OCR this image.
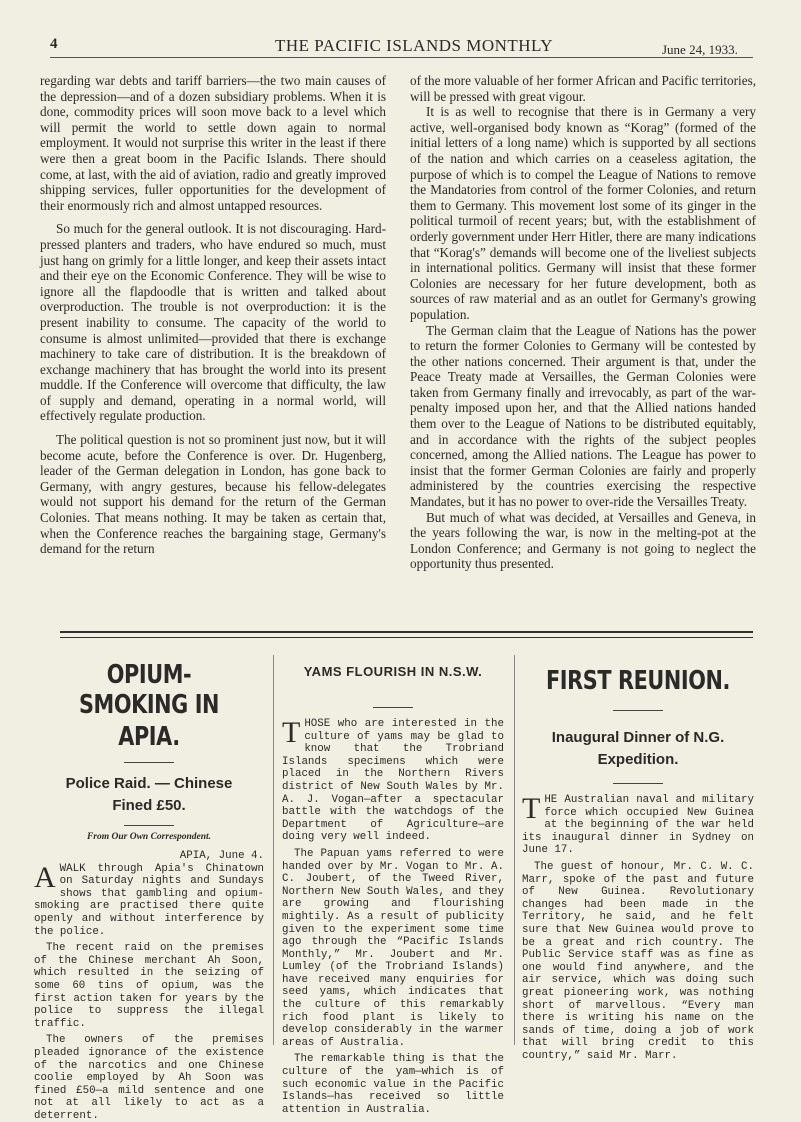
4	THE PACIFIC ISLANDS MONTHLY	June 24, 1933.

regarding war debts and tariff barriers—the two main causes of the depression—and of a dozen subsidiary problems. When it is done, commodity prices will soon move back to a level which will permit the world to settle down again to normal employment. It would not surprise this writer in the least if there were then a great boom in the Pacific Islands. There should come, at last, with the aid of aviation, radio and greatly improved shipping services, fuller opportunities for the development of their enormously rich and almost untapped resources.

So much for the general outlook. It is not discouraging. Hard-pressed planters and traders, who have endured so much, must just hang on grimly for a little longer, and keep their assets intact and their eye on the Economic Conference. They will be wise to ignore all the flapdoodle that is written and talked about overproduction. The trouble is not overproduction: it is the present inability to consume. The capacity of the world to consume is almost unlimited—provided that there is exchange machinery to take care of distribution. It is the breakdown of exchange machinery that has brought the world into its present muddle. If the Conference will overcome that difficulty, the law of supply and demand, operating in a normal world, will effectively regulate production.

The political question is not so prominent just now, but it will become acute, before the Conference is over. Dr. Hugenberg, leader of the German delegation in London, has gone back to Germany, with angry gestures, because his fellow-delegates would not support his demand for the return of the German Colonies. That means nothing. It may be taken as certain that, when the Conference reaches the bargaining stage, Germany's demand for the return

of the more valuable of her former African and Pacific territories, will be pressed with great vigour.

It is as well to recognise that there is in Germany a very active, well-organised body known as “Korag” (formed of the initial letters of a long name) which is supported by all sections of the nation and which carries on a ceaseless agitation, the purpose of which is to compel the League of Nations to remove the Mandatories from control of the former Colonies, and return them to Germany. This movement lost some of its ginger in the political turmoil of recent years; but, with the establishment of orderly government under Herr Hitler, there are many indications that “Korag's” demands will become one of the liveliest subjects in international politics. Germany will insist that these former Colonies are necessary for her future development, both as sources of raw material and as an outlet for Germany's growing population.

The German claim that the League of Nations has the power to return the former Colonies to Germany will be contested by the other nations concerned. Their argument is that, under the Peace Treaty made at Versailles, the German Colonies were taken from Germany finally and irrevocably, as part of the war-penalty imposed upon her, and that the Allied nations handed them over to the League of Nations to be distributed equitably, and in accordance with the rights of the subject peoples concerned, among the Allied nations. The League has power to insist that the former German Colonies are fairly and properly administered by the countries exercising the respective Mandates, but it has no power to over-ride the Versailles Treaty.

But much of what was decided, at Versailles and Geneva, in the years following the war, is now in the melting-pot at the London Conference; and Germany is not going to neglect the opportunity thus presented.

OPIUM-SMOKING IN
APIA.
Police Raid. — Chinese
Fined £50.
From Our Own Correspondent.
APIA, June 4.
A WALK through Apia's Chinatown on Saturday nights and Sundays shows that gambling and opium-smoking are practised there quite openly and without interference by the police.

The recent raid on the premises of the Chinese merchant Ah Soon, which resulted in the seizing of some 60 tins of opium, was the first action taken for years by the police to suppress the illegal traffic.

The owners of the premises pleaded ignorance of the existence of the narcotics and one Chinese coolie employed by Ah Soon was fined £50—a mild sentence and one not at all likely to act as a deterrent.

YAMS FLOURISH IN N.S.W.
T HOSE who are interested in the culture of yams may be glad to know that the Trobriand Islands specimens which were placed in the Northern Rivers district of New South Wales by Mr. A. J. Vogan—after a spectacular battle with the watchdogs of the Department of Agriculture—are doing very well indeed.

The Papuan yams referred to were handed over by Mr. Vogan to Mr. A. C. Joubert, of the Tweed River, Northern New South Wales, and they are growing and flourishing mightily. As a result of publicity given to the experiment some time ago through the “Pacific Islands Monthly,” Mr. Joubert and Mr. Lumley (of the Trobriand Islands) have received many enquiries for seed yams, which indicates that the culture of this remarkably rich food plant is likely to develop considerably in the warmer areas of Australia.

The remarkable thing is that the culture of the yam—which is of such economic value in the Pacific Islands—has received so little attention in Australia.

FIRST REUNION.
Inaugural Dinner of N.G.
Expedition.
T HE Australian naval and military force which occupied New Guinea at the beginning of the war held its inaugural dinner in Sydney on June 17.

The guest of honour, Mr. C. W. C. Marr, spoke of the past and future of New Guinea. Revolutionary changes had been made in the Territory, he said, and he felt sure that New Guinea would prove to be a great and rich country. The Public Service staff was as fine as one would find anywhere, and the air service, which was doing such great pioneering work, was nothing short of marvellous. “Every man there is writing his name on the sands of time, doing a job of work that will bring credit to this country,” said Mr. Marr.
